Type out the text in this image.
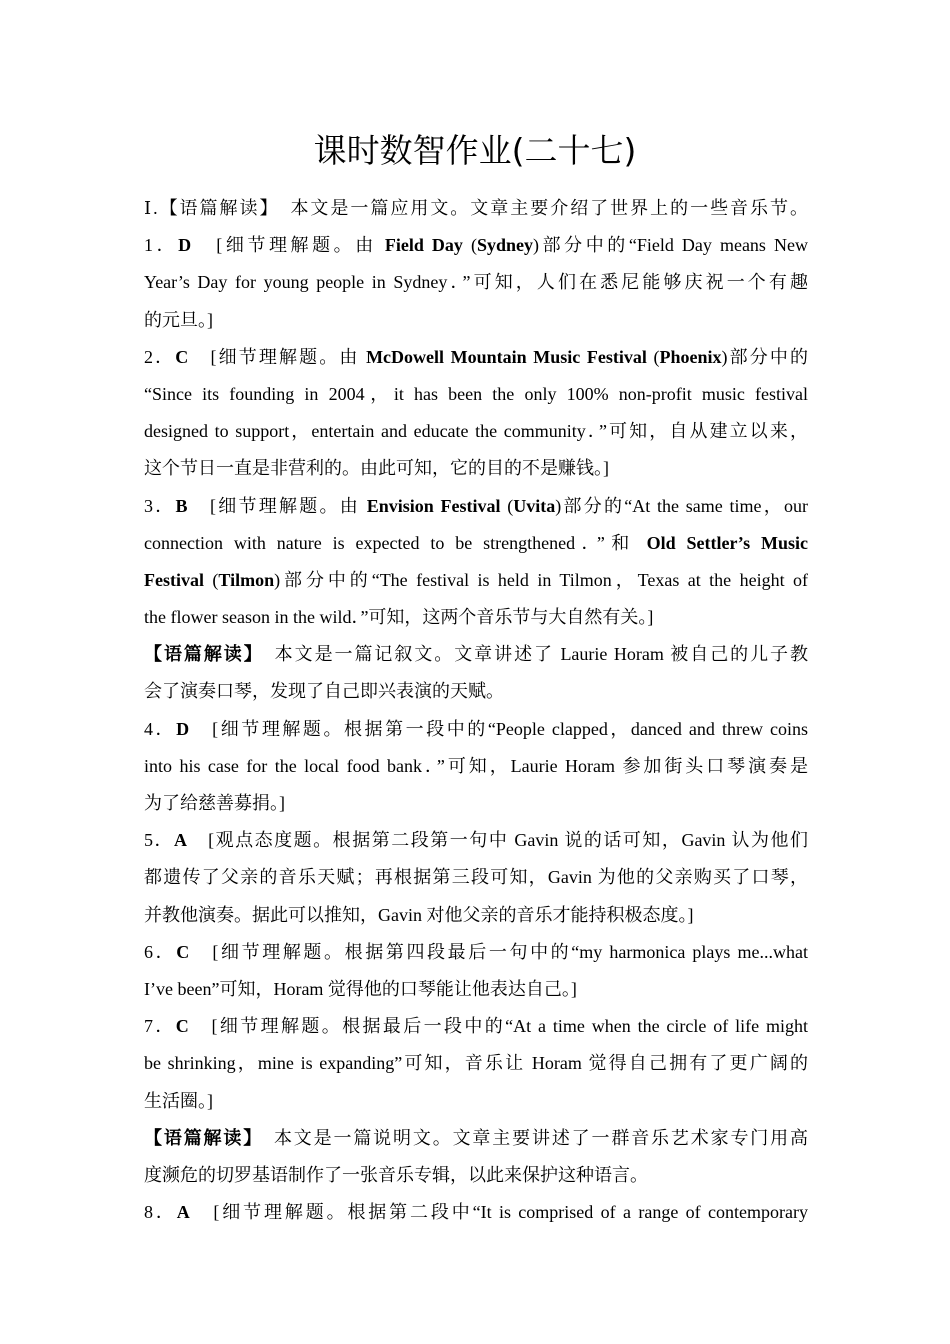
课时数智作业(二十七)
Ⅰ.【语篇解读】　本文是一篇应用文。文章主要介绍了世界上的一些音乐节。
1．D　[细节理解题。由 Field Day (Sydney)部分中的“Field Day means New
Year’s Day for young people in Sydney．”可知，人们在悉尼能够庆祝一个有趣
的元旦。]
2．C　[细节理解题。由 McDowell Mountain Music Festival (Phoenix)部分中的
“Since its founding in 2004，it has been the only 100% non-profit music festival
designed to support，entertain and educate the community．”可知，自从建立以来，
这个节日一直是非营利的。由此可知，它的目的不是赚钱。]
3．B　[细节理解题。由 Envision Festival (Uvita)部分的“At the same time，our
connection with nature is expected to be strengthened．”和 Old Settler’s Music
Festival (Tilmon)部分中的“The festival is held in Tilmon，Texas at the height of
the flower season in the wild．”可知，这两个音乐节与大自然有关。]
【语篇解读】　本文是一篇记叙文。文章讲述了 Laurie Horam 被自己的儿子教
会了演奏口琴，发现了自己即兴表演的天赋。
4．D　[细节理解题。根据第一段中的“People clapped，danced and threw coins
into his case for the local food bank．”可知，Laurie Horam 参加街头口琴演奏是
为了给慈善募捐。]
5．A　[观点态度题。根据第二段第一句中 Gavin 说的话可知，Gavin 认为他们
都遗传了父亲的音乐天赋；再根据第三段可知，Gavin 为他的父亲购买了口琴，
并教他演奏。据此可以推知，Gavin 对他父亲的音乐才能持积极态度。]
6．C　[细节理解题。根据第四段最后一句中的“my harmonica plays me...what
I’ve been”可知，Horam 觉得他的口琴能让他表达自己。]
7．C　[细节理解题。根据最后一段中的“At a time when the circle of life might
be shrinking，mine is expanding”可知，音乐让 Horam 觉得自己拥有了更广阔的
生活圈。]
【语篇解读】　本文是一篇说明文。文章主要讲述了一群音乐艺术家专门用高
度濒危的切罗基语制作了一张音乐专辑，以此来保护这种语言。
8．A　[细节理解题。根据第二段中“It is comprised of a range of contemporary
